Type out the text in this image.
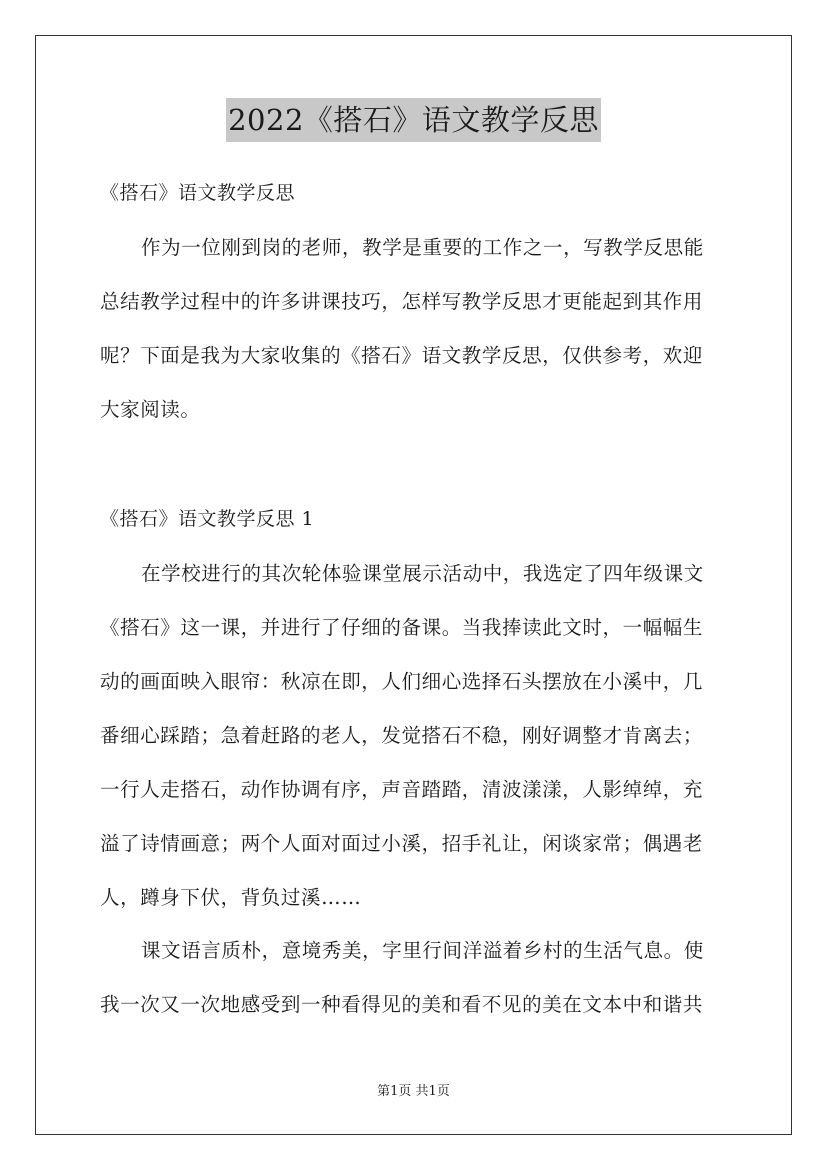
2022《搭石》语文教学反思
《搭石》语文教学反思
作为一位刚到岗的老师，教学是重要的工作之一，写教学反思能
总结教学过程中的许多讲课技巧，怎样写教学反思才更能起到其作用
呢？下面是我为大家收集的《搭石》语文教学反思，仅供参考，欢迎
大家阅读。
《搭石》语文教学反思 1
在学校进行的其次轮体验课堂展示活动中，我选定了四年级课文
《搭石》这一课，并进行了仔细的备课。当我捧读此文时，一幅幅生
动的画面映入眼帘：秋凉在即，人们细心选择石头摆放在小溪中，几
番细心踩踏；急着赶路的老人，发觉搭石不稳，刚好调整才肯离去；
一行人走搭石，动作协调有序，声音踏踏，清波漾漾，人影绰绰，充
溢了诗情画意；两个人面对面过小溪，招手礼让，闲谈家常；偶遇老
人，蹲身下伏，背负过溪……
课文语言质朴，意境秀美，字里行间洋溢着乡村的生活气息。使
我一次又一次地感受到一种看得见的美和看不见的美在文本中和谐共
第1页 共1页
